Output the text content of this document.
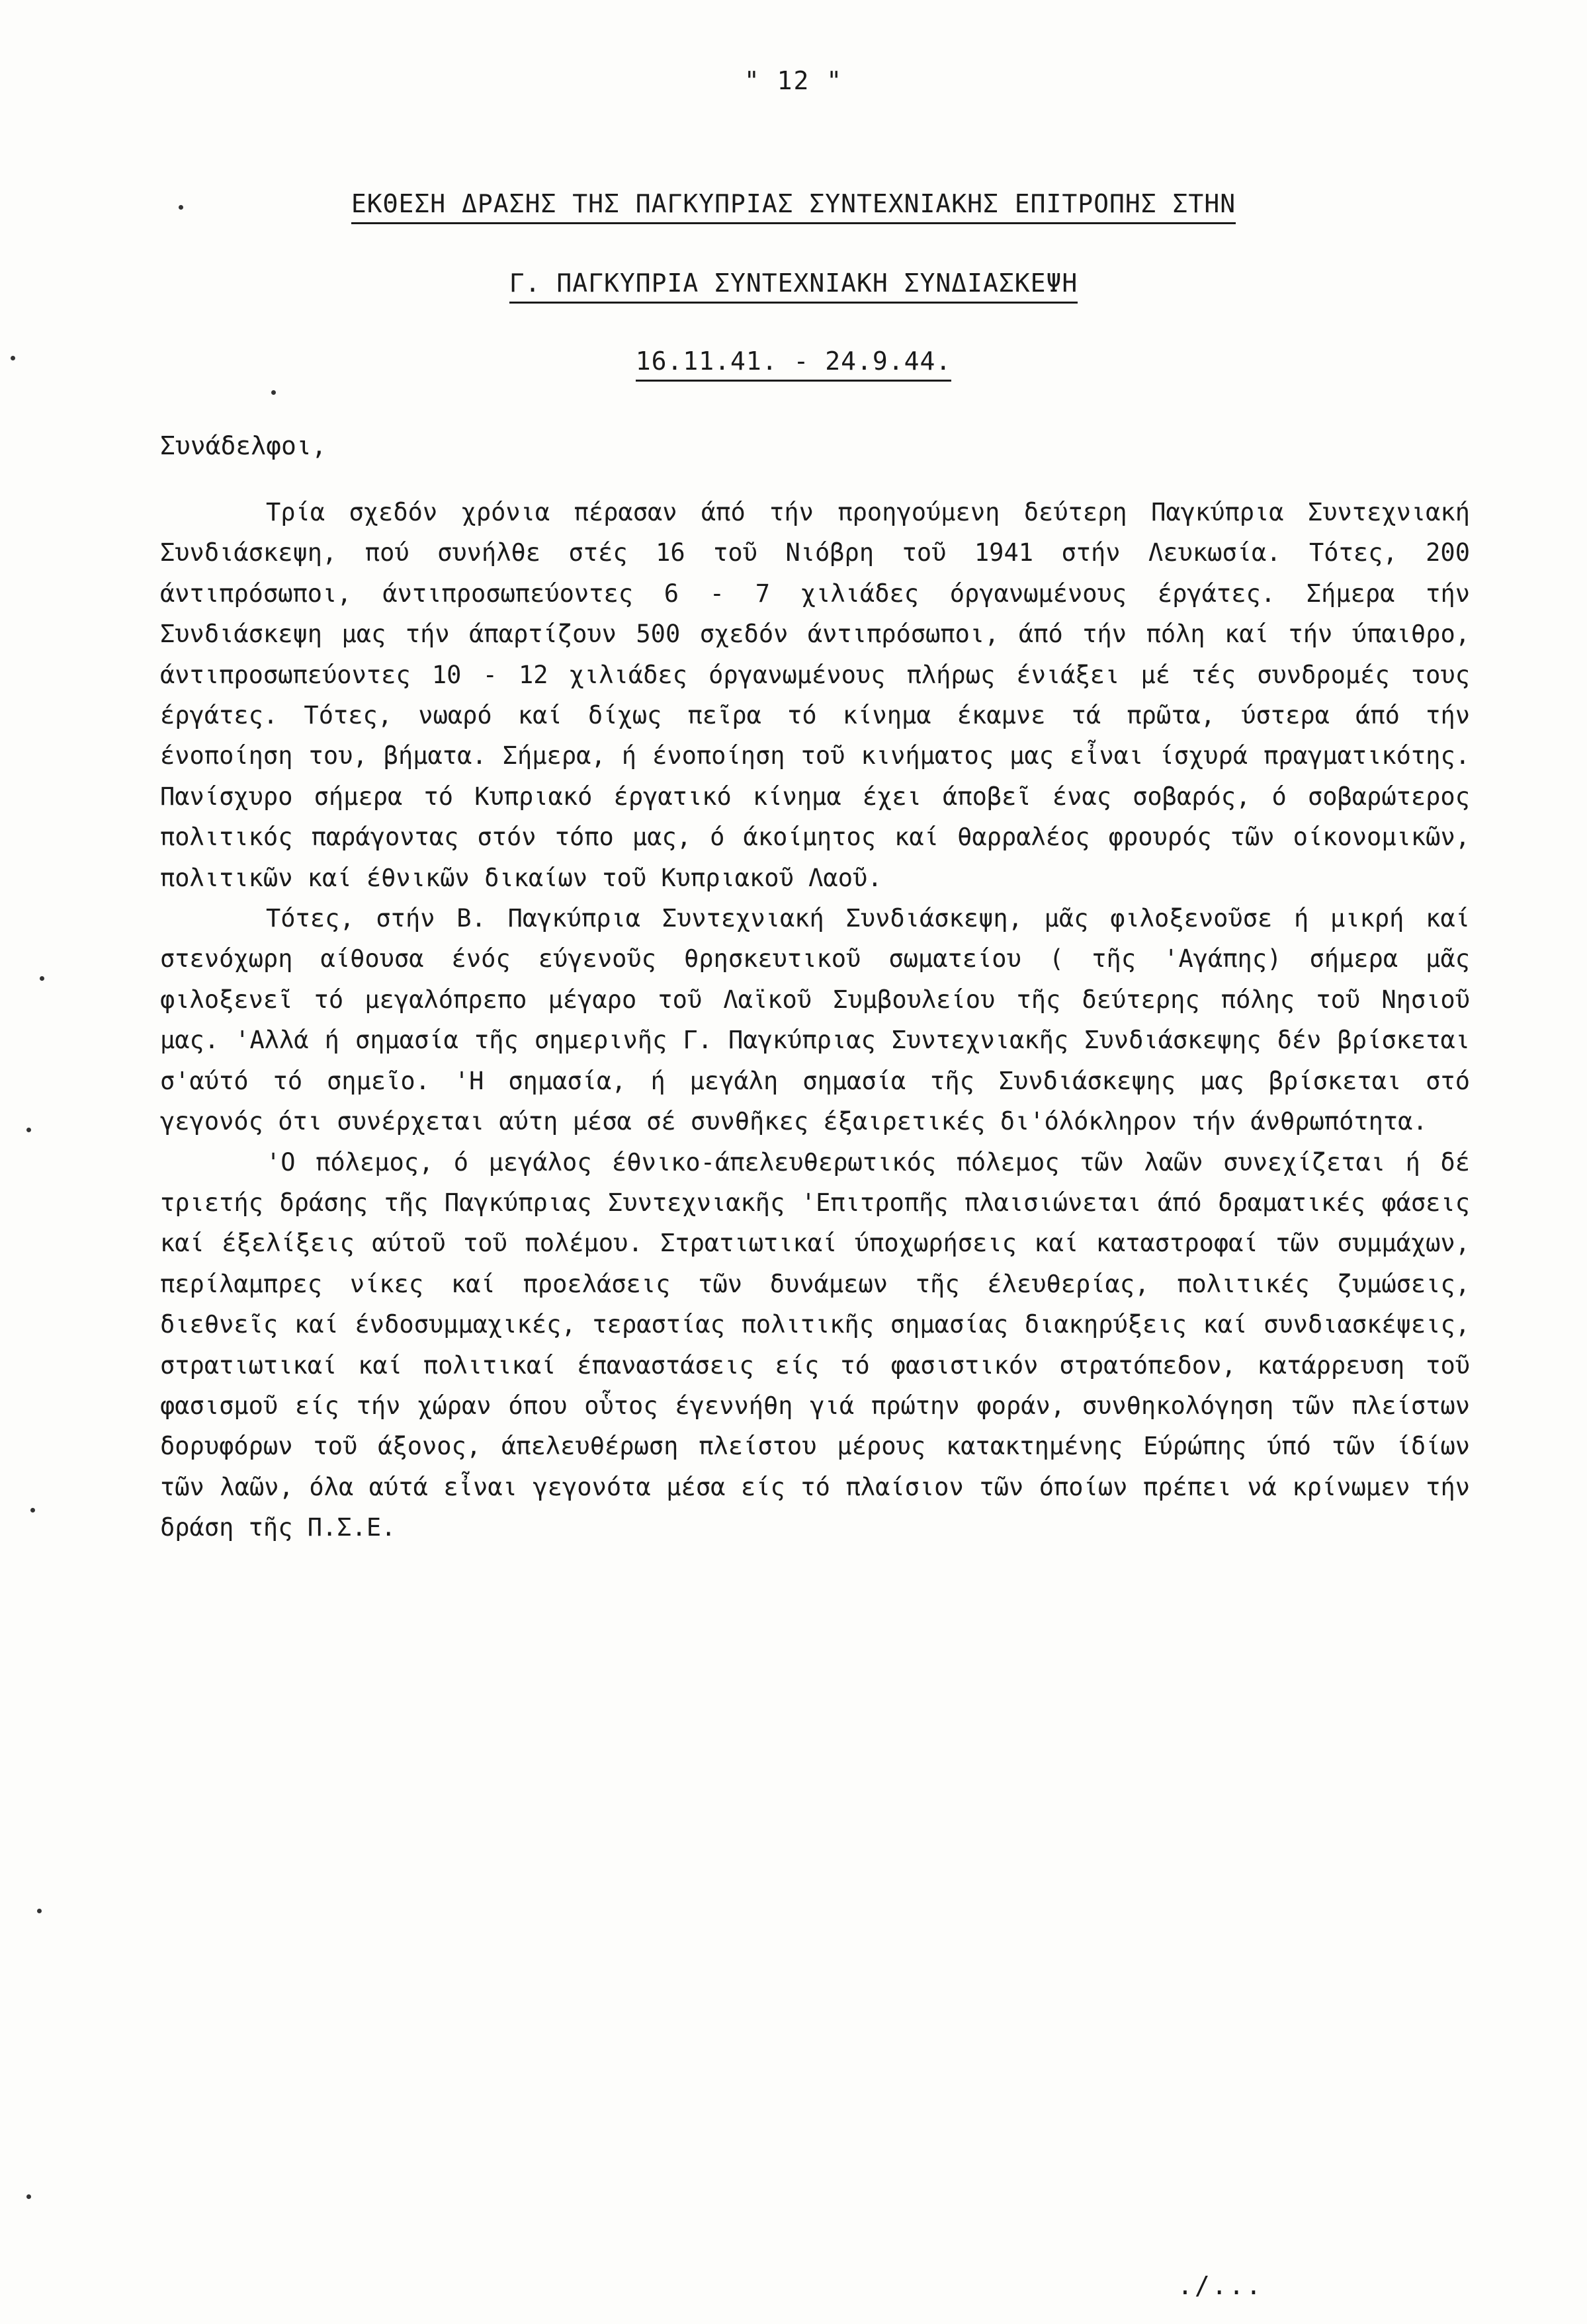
" 12 "
ΕΚΘΕΣΗ ΔΡΑΣΗΣ ΤΗΣ ΠΑΓΚΥΠΡΙΑΣ ΣΥΝΤΕΧΝΙΑΚΗΣ ΕΠΙΤΡΟΠΗΣ ΣΤΗΝ
Γ. ΠΑΓΚΥΠΡΙΑ ΣΥΝΤΕΧΝΙΑΚΗ ΣΥΝΔΙΑΣΚΕΨΗ
16.11.41. - 24.9.44.
Συνάδελφοι,

Τρία σχεδόν χρόνια πέρασαν άπό τήν προηγούμενη δεύτερη Παγκύπρια Συντεχνιακή Συνδιάσκεψη, πού συνήλθε στές 16 τοῦ Νιόβρη τοῦ 1941 στήν Λευκωσία. Τότες, 200 άντιπρόσωποι, άντιπροσωπεύοντες 6 - 7 χιλιάδες όργανωμένους έργάτες. Σήμερα τήν Συνδιάσκεψη μας τήν άπαρτίζουν 500 σχεδόν άντιπρόσωποι, άπό τήν πόλη καί τήν ύπαιθρο, άντιπροσωπεύοντες 10 - 12 χιλιάδες όργανωμένους πλήρως ένιάξει μέ τές συνδρομές τους έργάτες. Τότες, νωαρό καί δίχως πεῖρα τό κίνημα έκαμνε τά πρῶτα, ύστερα άπό τήν ένοποίηση του, βήματα. Σήμερα, ή ένοποίηση τοῦ κινήματος μας εἶναι ίσχυρά πραγματικότης. Πανίσχυρο σήμερα τό Κυπριακό έργατικό κίνημα έχει άποβεῖ ένας σοβαρός, ό σοβαρώτερος πολιτικός παράγοντας στόν τόπο μας, ό άκοίμητος καί θαρραλέος φρουρός τῶν οίκονομικῶν, πολιτικῶν καί έθνικῶν δικαίων τοῦ Κυπριακοῦ Λαοῦ.

Τότες, στήν Β. Παγκύπρια Συντεχνιακή Συνδιάσκεψη, μᾶς φιλοξενοῦσε ή μικρή καί στενόχωρη αίθουσα ένός εύγενοῦς θρησκευτικοῦ σωματείου ( τῆς 'Αγάπης) σήμερα μᾶς φιλοξενεῖ τό μεγαλόπρεπο μέγαρο τοῦ Λαϊκοῦ Συμβουλείου τῆς δεύτερης πόλης τοῦ Νησιοῦ μας. 'Αλλά ή σημασία τῆς σημερινῆς Γ. Παγκύπριας Συντεχνιακῆς Συνδιάσκεψης δέν βρίσκεται σ'αύτό τό σημεῖο. 'Η σημασία, ή μεγάλη σημασία τῆς Συνδιάσκεψης μας βρίσκεται στό γεγονός ότι συνέρχεται αύτη μέσα σέ συνθῆκες έξαιρετικές δι'όλόκληρον τήν άνθρωπότητα.

'Ο πόλεμος, ό μεγάλος έθνικο-άπελευθερωτικός πόλεμος τῶν λαῶν συνεχίζεται ή δέ τριετής δράσης τῆς Παγκύπριας Συντεχνιακῆς 'Επιτροπῆς πλαισιώνεται άπό δραματικές φάσεις καί έξελίξεις αύτοῦ τοῦ πολέμου. Στρατιωτικαί ύποχωρήσεις καί καταστροφαί τῶν συμμάχων, περίλαμπρες νίκες καί προελάσεις τῶν δυνάμεων τῆς έλευθερίας, πολιτικές ζυμώσεις, διεθνεῖς καί ένδοσυμμαχικές, τεραστίας πολιτικῆς σημασίας διακηρύξεις καί συνδιασκέψεις, στρατιωτικαί καί πολιτικαί έπαναστάσεις είς τό φασιστικόν στρατόπεδον, κατάρρευση τοῦ φασισμοῦ είς τήν χώραν όπου οὗτος έγεννήθη γιά πρώτην φοράν, συνθηκολόγηση τῶν πλείστων δορυφόρων τοῦ άξονος, άπελευθέρωση πλείστου μέρους κατακτημένης Εύρώπης ύπό τῶν ίδίων τῶν λαῶν, όλα αύτά εἶναι γεγονότα μέσα είς τό πλαίσιον τῶν όποίων πρέπει νά κρίνωμεν τήν δράση τῆς Π.Σ.Ε.

./...
